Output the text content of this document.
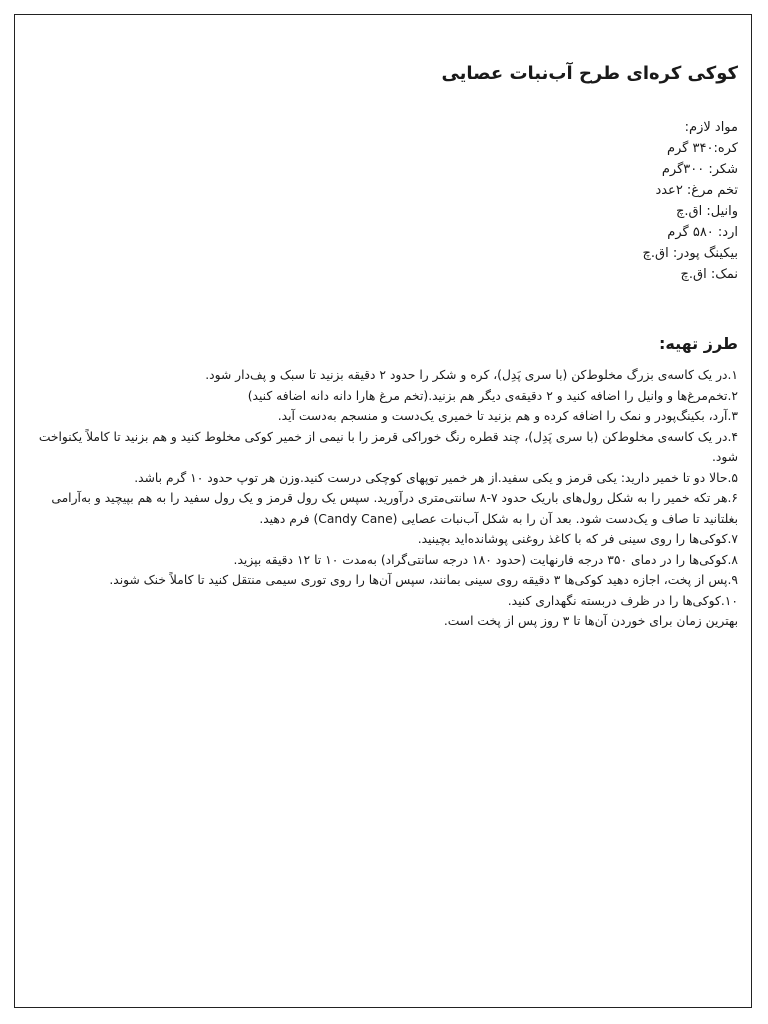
کوکی کره‌ای طرح آب‌نبات عصایی

مواد لازم:

کره:۳۴۰ گرم
شکر: ۳۰۰گرم
تخم مرغ: ۲عدد
وانیل: اق.چ
ارد: ۵۸۰ گرم
بیکینگ پودر: اق.چ
نمک: اق.چ
طرز تهیه:
۱.در یک کاسه‌ی بزرگ مخلوط‌کن (با سری پَدِل)، کره و شکر را حدود ۲ دقیقه بزنید تا سبک و پف‌دار شود.
۲.تخم‌مرغ‌ها و وانیل را اضافه کنید و ۲ دقیقه‌ی دیگر هم بزنید.(تخم مرغ هارا دانه دانه اضافه کنید)
۳.آرد، بکینگ‌پودر و نمک را اضافه کرده و هم بزنید تا خمیری یک‌دست و منسجم به‌دست آید.
۴.در یک کاسه‌ی مخلوط‌کن (با سری پَدِل)، چند قطره رنگ خوراکی قرمز را با نیمی از خمیر کوکی مخلوط کنید و هم بزنید تا کاملاً یکنواخت شود.
۵.حالا دو تا خمیر دارید: یکی قرمز و یکی سفید.از هر خمیر توپهای کوچکی درست کنید.وزن هر توپ حدود ۱۰ گرم باشد.
۶.هر تکه خمیر را به شکل رول‌های باریک حدود ۷-۸ سانتی‌متری درآورید. سپس یک رول قرمز و یک رول سفید را به هم بپیچید و به‌آرامی بغلتانید تا صاف و یک‌دست شود. بعد آن را به شکل آب‌نبات عصایی (Candy Cane) فرم دهید.
۷.کوکی‌ها را روی سینی فر که با کاغذ روغنی پوشانده‌اید بچینید.
۸.کوکی‌ها را در دمای ۳۵۰ درجه فارنهایت (حدود ۱۸۰ درجه سانتی‌گراد) به‌مدت ۱۰ تا ۱۲ دقیقه بپزید.
۹.پس از پخت، اجازه دهید کوکی‌ها ۳ دقیقه روی سینی بمانند، سپس آن‌ها را روی توری سیمی منتقل کنید تا کاملاً خنک شوند.
۱۰.کوکی‌ها را در ظرف دربسته نگهداری کنید.
بهترین زمان برای خوردن آن‌ها تا ۳ روز پس از پخت است.
